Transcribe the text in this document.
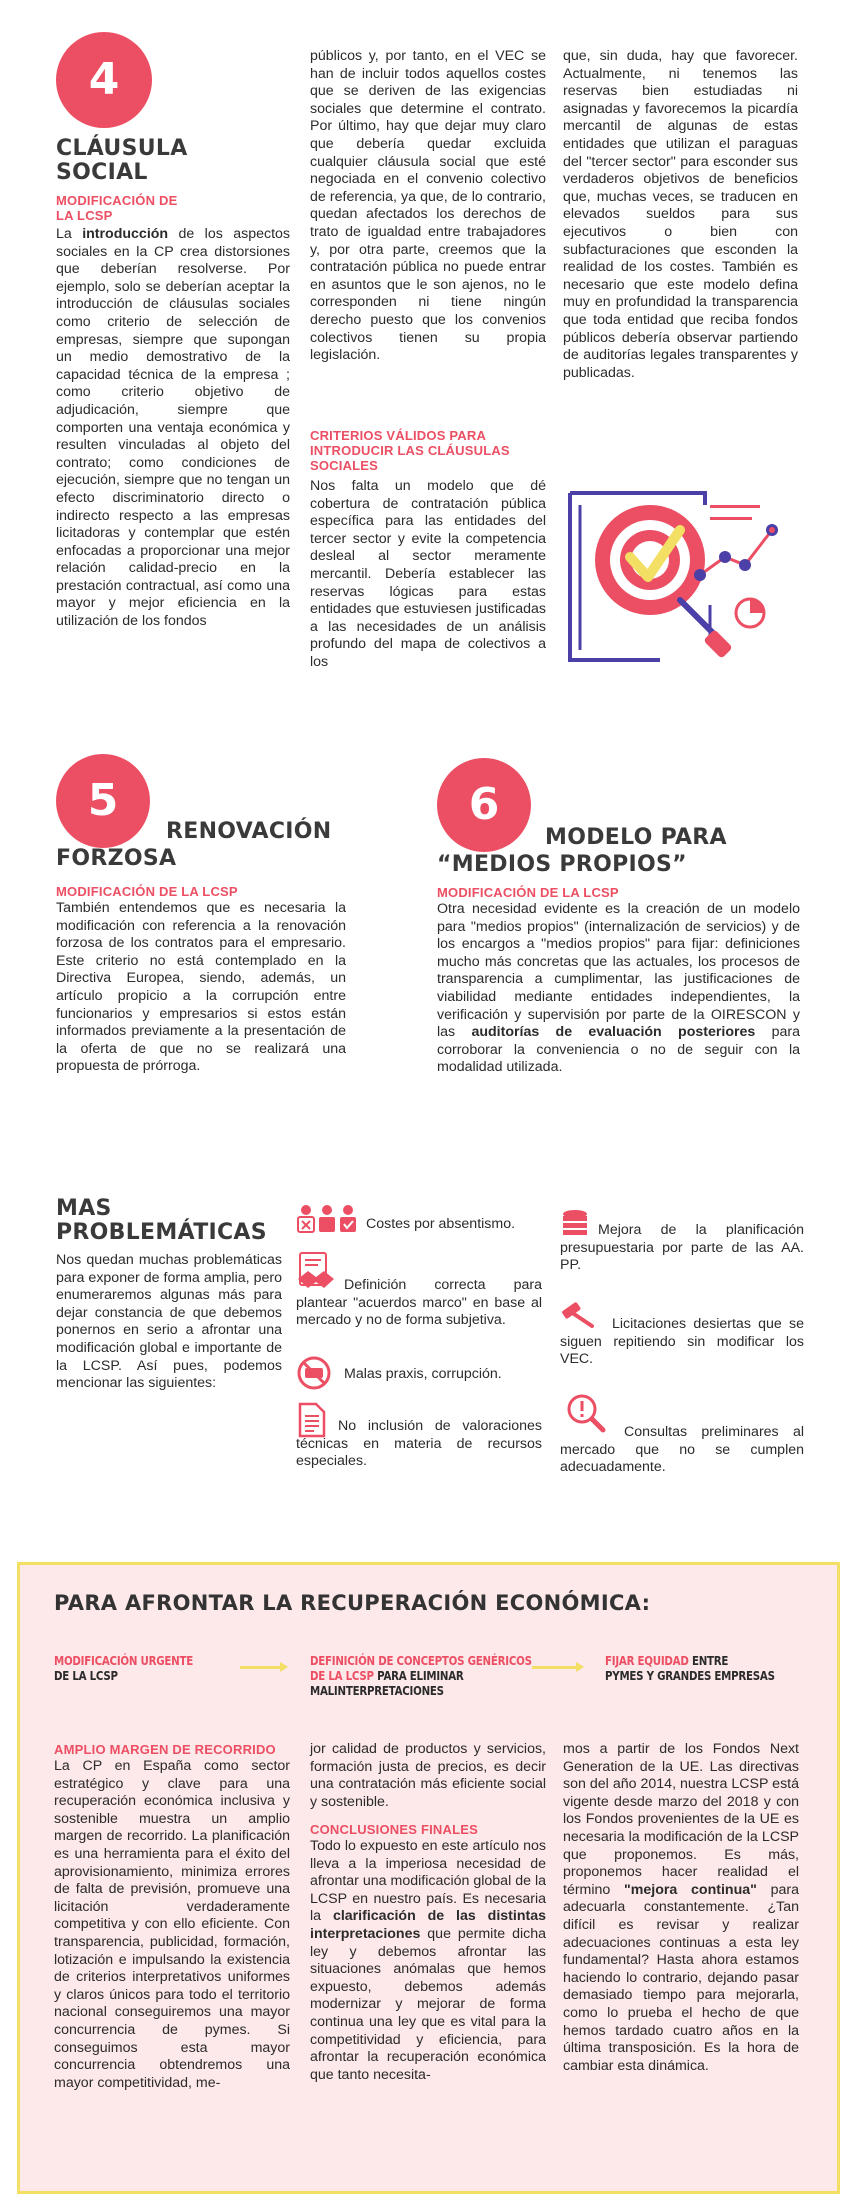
4
CLÁUSULA
SOCIAL
MODIFICACIÓN DE
LA LCSP
La introducción de los aspectos sociales en la CP crea distorsiones que deberían resolverse. Por ejemplo, solo se deberían aceptar la introducción de cláusulas sociales como criterio de selección de empresas, siempre que supongan un medio demostrativo de la capacidad técnica de la empresa ; como criterio objetivo de adjudicación, siempre que comporten una ventaja económica y resulten vinculadas al objeto del contrato; como condiciones de ejecución, siempre que no tengan un efecto discriminatorio directo o indirecto respecto a las empresas licitadoras y contemplar que estén enfocadas a proporcionar una mejor relación calidad-precio en la prestación contractual, así como una mayor y mejor eficiencia en la utilización de los fondos
públicos y, por tanto, en el VEC se han de incluir todos aquellos costes que se deriven de las exigencias sociales que determine el contrato. Por último, hay que dejar muy claro que debería quedar excluida cualquier cláusula social que esté negociada en el convenio colectivo de referencia, ya que, de lo contrario, quedan afectados los derechos de trato de igualdad entre trabajadores y, por otra parte, creemos que la contratación pública no puede entrar en asuntos que le son ajenos, no le corresponden ni tiene ningún derecho puesto que los convenios colectivos tienen su propia legislación.
CRITERIOS VÁLIDOS PARA
INTRODUCIR LAS CLÁUSULAS
SOCIALES
Nos falta un modelo que dé cobertura de contratación pública específica para las entidades del tercer sector y evite la competencia desleal al sector meramente mercantil. Debería establecer las reservas lógicas para estas entidades que estuviesen justificadas a las necesidades de un análisis profundo del mapa de colectivos a los
que, sin duda, hay que favorecer. Actualmente, ni tenemos las reservas bien estudiadas ni asignadas y favorecemos la picardía mercantil de algunas de estas entidades que utilizan el paraguas del "tercer sector" para esconder sus verdaderos objetivos de beneficios que, muchas veces, se traducen en elevados sueldos para sus ejecutivos o bien con subfacturaciones que esconden la realidad de los costes. También es necesario que este modelo defina muy en profundidad la transparencia que toda entidad que reciba fondos públicos debería observar partiendo de auditorías legales transparentes y publicadas.
5
RENOVACIÓN
FORZOSA
MODIFICACIÓN DE LA LCSP
También entendemos que es necesaria la modificación con referencia a la renovación forzosa de los contratos para el empresario. Este criterio no está contemplado en la Directiva Europea, siendo, además, un artículo propicio a la corrupción entre funcionarios y empresarios si estos están informados previamente a la presentación de la oferta de que no se realizará una propuesta de prórroga.
6
MODELO PARA
“MEDIOS PROPIOS”
MODIFICACIÓN DE LA LCSP
Otra necesidad evidente es la creación de un modelo para "medios propios" (internalización de servicios) y de los encargos a "medios propios" para fijar: definiciones mucho más concretas que las actuales, los procesos de transparencia a cumplimentar, las justificaciones de viabilidad mediante entidades independientes, la verificación y supervisión por parte de la OIRESCON y las auditorías de evaluación posteriores para corroborar la conveniencia o no de seguir con la modalidad utilizada.
MAS
PROBLEMÁTICAS
Nos quedan muchas problemáticas para exponer de forma amplia, pero enumeraremos algunas más para dejar constancia de que debemos ponernos en serio a afrontar una modificación global e importante de la LCSP. Así pues, podemos mencionar las siguientes:
Costes por absentismo.
Definición correcta para plantear "acuerdos marco" en base al mercado y no de forma subjetiva.
Malas praxis, corrupción.
No inclusión de valoraciones técnicas en materia de recursos especiales.
Mejora de la planificación presupuestaria por parte de las AA. PP.
Licitaciones desiertas que se siguen repitiendo sin modificar los VEC.
Consultas preliminares al mercado que no se cumplen adecuadamente.
PARA AFRONTAR LA RECUPERACIÓN ECONÓMICA:
MODIFICACIÓN URGENTE
DE LA LCSP
DEFINICIÓN DE CONCEPTOS GENÉRICOS
DE LA LCSP PARA ELIMINAR
MALINTERPRETACIONES
FIJAR EQUIDAD ENTRE
PYMES Y GRANDES EMPRESAS
AMPLIO MARGEN DE RECORRIDO
La CP en España como sector estratégico y clave para una recuperación económica inclusiva y sostenible muestra un amplio margen de recorrido. La planificación es una herramienta para el éxito del aprovisionamiento, minimiza errores de falta de previsión, promueve una licitación verdaderamente competitiva y con ello eficiente. Con transparencia, publicidad, formación, lotización e impulsando la existencia de criterios interpretativos uniformes y claros únicos para todo el territorio nacional conseguiremos una mayor concurrencia de pymes. Si conseguimos esta mayor concurrencia obtendremos una mayor competitividad, me-
jor calidad de productos y servicios, formación justa de precios, es decir una contratación más eficiente social y sostenible.
CONCLUSIONES FINALES
Todo lo expuesto en este artículo nos lleva a la imperiosa necesidad de afrontar una modificación global de la LCSP en nuestro país. Es necesaria la clarificación de las distintas interpretaciones que permite dicha ley y debemos afrontar las situaciones anómalas que hemos expuesto, debemos además modernizar y mejorar de forma continua una ley que es vital para la competitividad y eficiencia, para afrontar la recuperación económica que tanto necesita-
mos a partir de los Fondos Next Generation de la UE. Las directivas son del año 2014, nuestra LCSP está vigente desde marzo del 2018 y con los Fondos provenientes de la UE es necesaria la modificación de la LCSP que proponemos. Es más, proponemos hacer realidad el término "mejora continua" para adecuarla constantemente. ¿Tan difícil es revisar y realizar adecuaciones continuas a esta ley fundamental? Hasta ahora estamos haciendo lo contrario, dejando pasar demasiado tiempo para mejorarla, como lo prueba el hecho de que hemos tardado cuatro años en la última transposición. Es la hora de cambiar esta dinámica.
